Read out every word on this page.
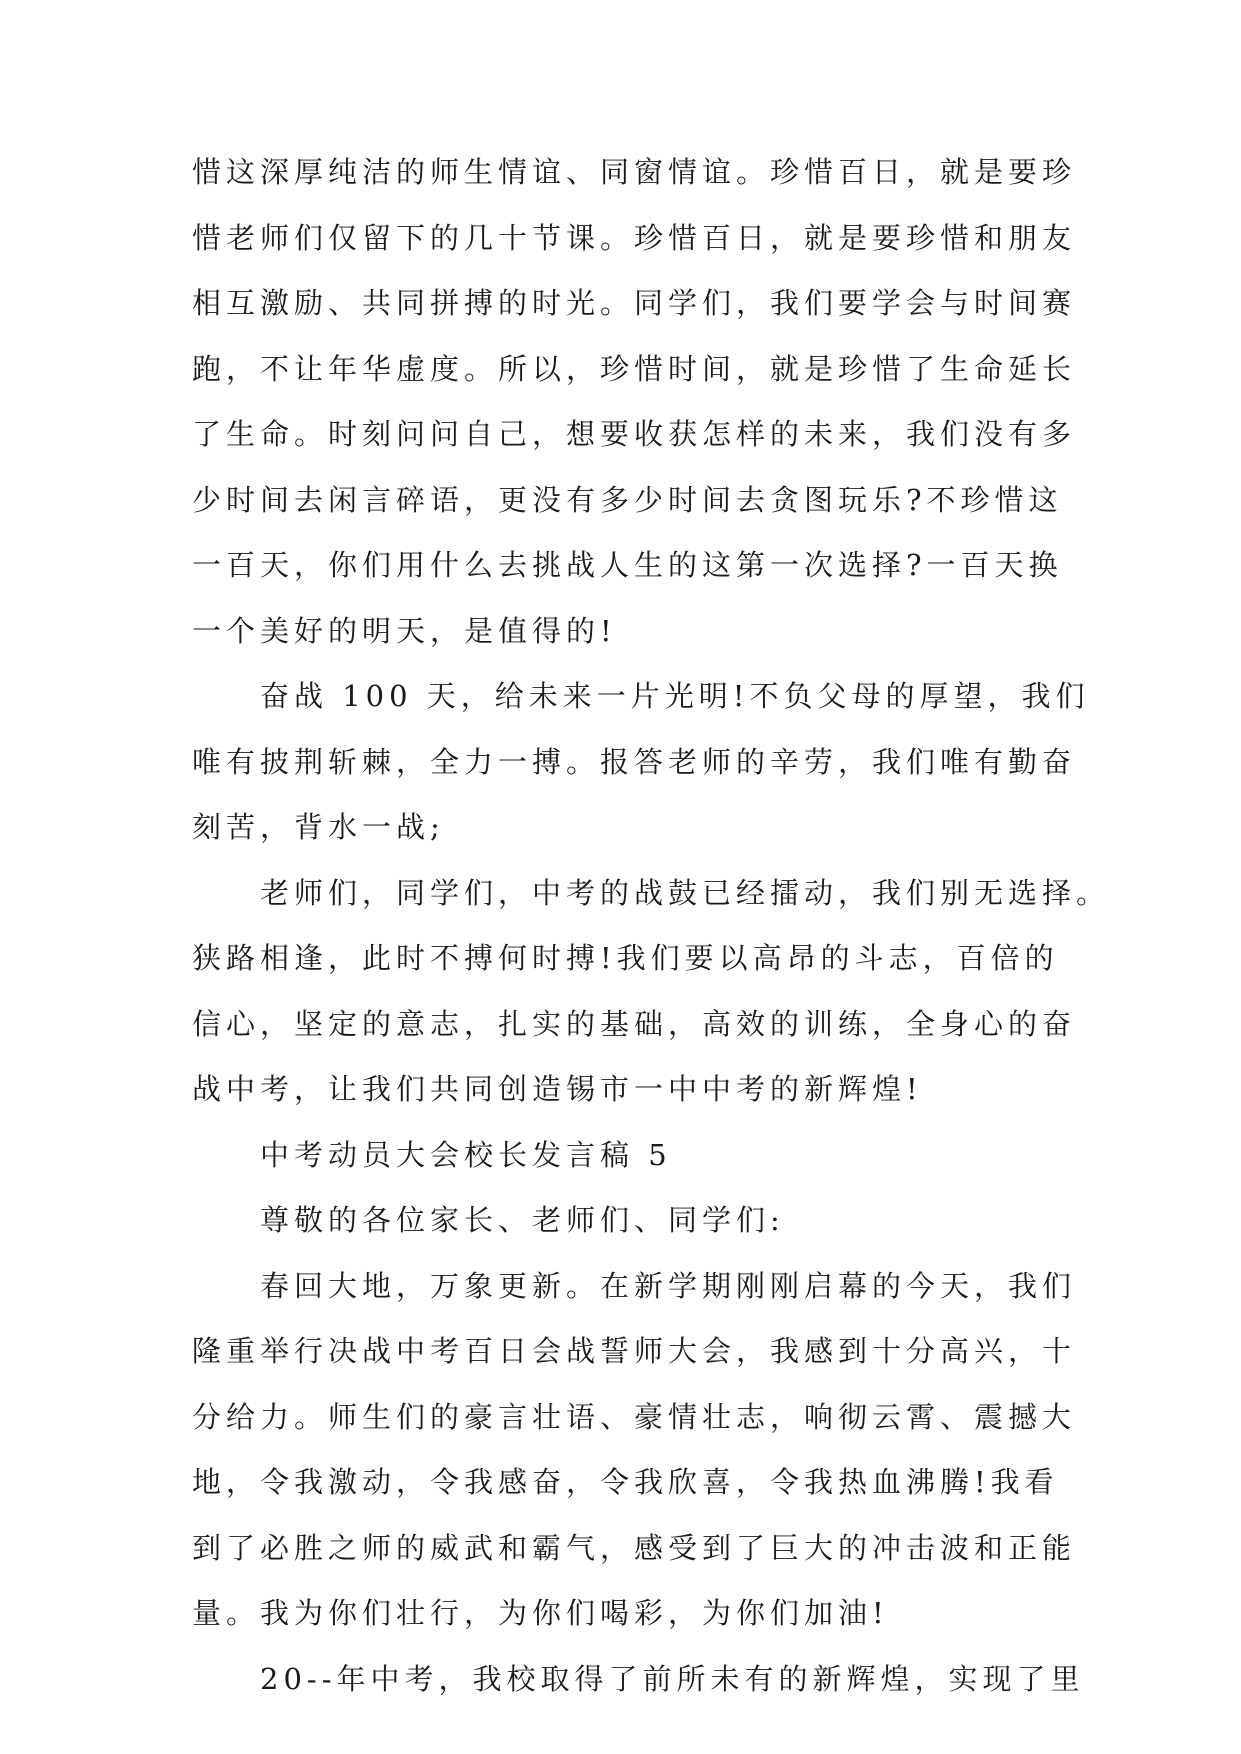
惜这深厚纯洁的师生情谊、同窗情谊。珍惜百日，就是要珍

惜老师们仅留下的几十节课。珍惜百日，就是要珍惜和朋友

相互激励、共同拼搏的时光。同学们，我们要学会与时间赛

跑，不让年华虚度。所以，珍惜时间，就是珍惜了生命延长

了生命。时刻问问自己，想要收获怎样的未来，我们没有多

少时间去闲言碎语，更没有多少时间去贪图玩乐?不珍惜这

一百天，你们用什么去挑战人生的这第一次选择?一百天换

一个美好的明天，是值得的!

奋战 100 天，给未来一片光明!不负父母的厚望，我们

唯有披荆斩棘，全力一搏。报答老师的辛劳，我们唯有勤奋

刻苦，背水一战;

老师们，同学们，中考的战鼓已经擂动，我们别无选择。

狭路相逢，此时不搏何时搏!我们要以高昂的斗志，百倍的

信心，坚定的意志，扎实的基础，高效的训练，全身心的奋

战中考，让我们共同创造锡市一中中考的新辉煌!

中考动员大会校长发言稿 5

尊敬的各位家长、老师们、同学们:

春回大地，万象更新。在新学期刚刚启幕的今天，我们

隆重举行决战中考百日会战誓师大会，我感到十分高兴，十

分给力。师生们的豪言壮语、豪情壮志，响彻云霄、震撼大

地，令我激动，令我感奋，令我欣喜，令我热血沸腾!我看

到了必胜之师的威武和霸气，感受到了巨大的冲击波和正能

量。我为你们壮行，为你们喝彩，为你们加油!

20--年中考，我校取得了前所未有的新辉煌，实现了里
